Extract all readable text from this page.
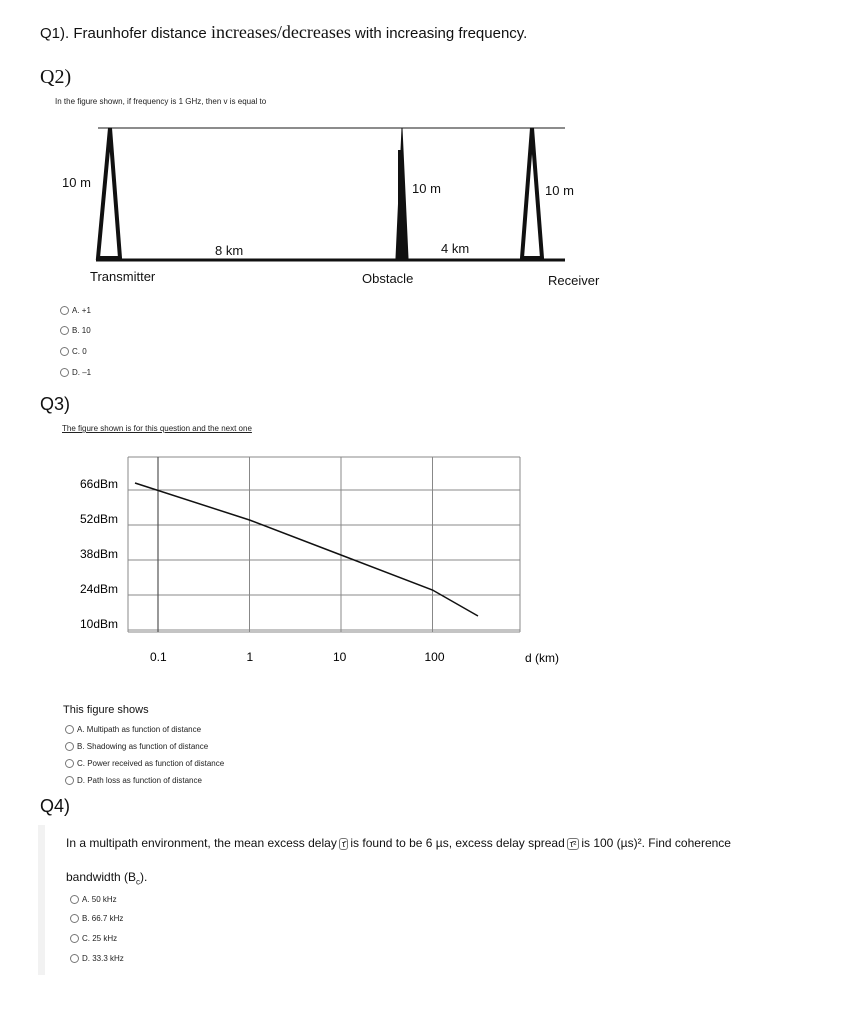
Q1). Fraunhofer distance increases/decreases with increasing frequency.
Q2)
In the figure shown, if frequency is 1 GHz, then v is equal to
10 m	10 m	10 m
8 km	4 km
Transmitter	Obstacle	Receiver
A. +1
B. 10
C. 0
D. –1
Q3)
The figure shown is for this question and the next one
66dBm
52dBm
38dBm
24dBm
10dBm
0.1	1	10	100	d (km)
This figure shows
A. Multipath as function of distance
B. Shadowing as function of distance
C. Power received as function of distance
D. Path loss as function of distance
Q4)
In a multipath environment, the mean excess delay τ̄ is found to be 6 µs, excess delay spread τ̄² is 100 (µs)². Find coherence
bandwidth $(B_c)$.
A. 50 kHz
B. 66.7 kHz
C. 25 kHz
D. 33.3 kHz
